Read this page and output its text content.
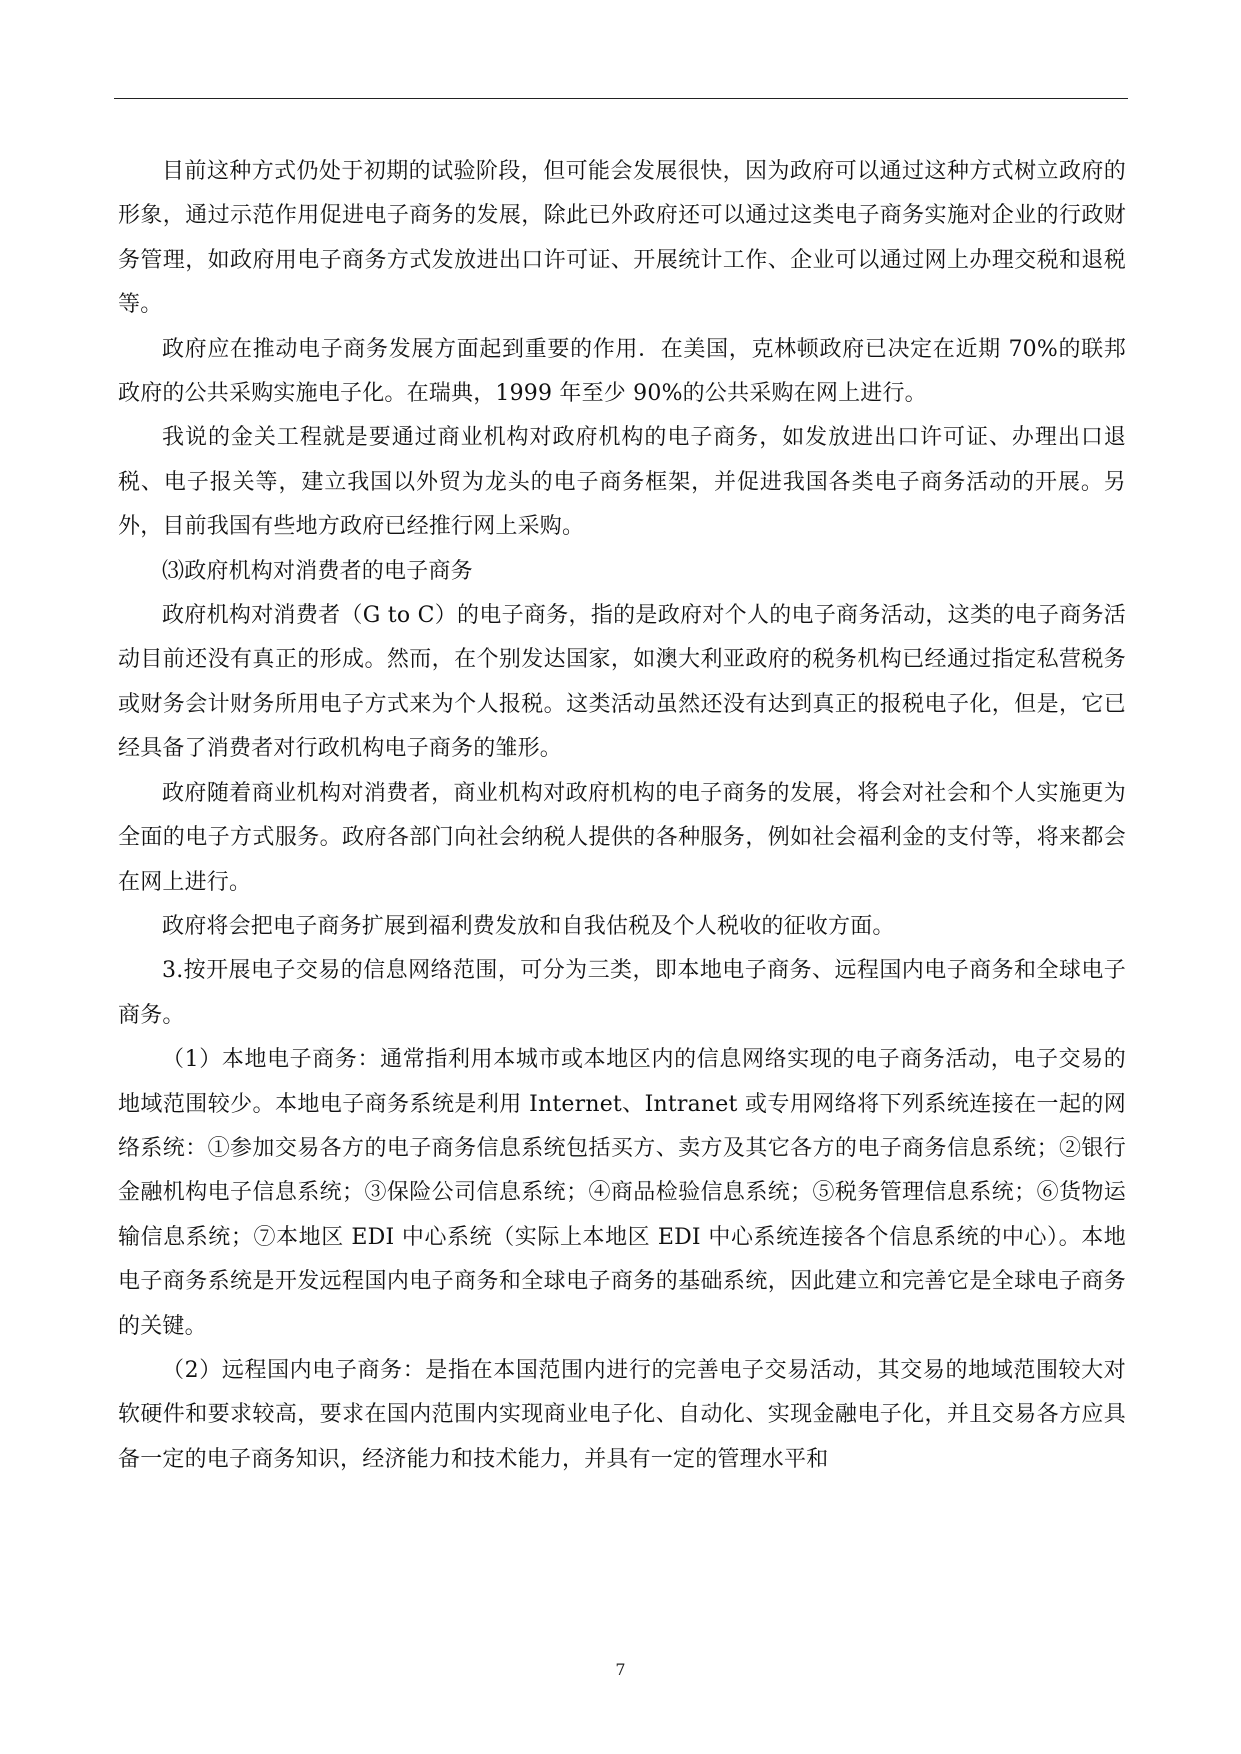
目前这种方式仍处于初期的试验阶段，但可能会发展很快，因为政府可以通过这种方式树立政府的形象，通过示范作用促进电子商务的发展，除此已外政府还可以通过这类电子商务实施对企业的行政财务管理，如政府用电子商务方式发放进出口许可证、开展统计工作、企业可以通过网上办理交税和退税等。

政府应在推动电子商务发展方面起到重要的作用．在美国，克林顿政府已决定在近期 70%的联邦政府的公共采购实施电子化。在瑞典，1999 年至少 90%的公共采购在网上进行。

我说的金关工程就是要通过商业机构对政府机构的电子商务，如发放进出口许可证、办理出口退税、电子报关等，建立我国以外贸为龙头的电子商务框架，并促进我国各类电子商务活动的开展。另外，目前我国有些地方政府已经推行网上采购。

⑶政府机构对消费者的电子商务

政府机构对消费者（G to C）的电子商务，指的是政府对个人的电子商务活动，这类的电子商务活动目前还没有真正的形成。然而，在个别发达国家，如澳大利亚政府的税务机构已经通过指定私营税务或财务会计财务所用电子方式来为个人报税。这类活动虽然还没有达到真正的报税电子化，但是，它已经具备了消费者对行政机构电子商务的雏形。

政府随着商业机构对消费者，商业机构对政府机构的电子商务的发展，将会对社会和个人实施更为全面的电子方式服务。政府各部门向社会纳税人提供的各种服务，例如社会福利金的支付等，将来都会在网上进行。

政府将会把电子商务扩展到福利费发放和自我估税及个人税收的征收方面。

3.按开展电子交易的信息网络范围，可分为三类，即本地电子商务、远程国内电子商务和全球电子商务。

（1）本地电子商务：通常指利用本城市或本地区内的信息网络实现的电子商务活动，电子交易的地域范围较少。本地电子商务系统是利用 Internet、Intranet 或专用网络将下列系统连接在一起的网络系统：①参加交易各方的电子商务信息系统包括买方、卖方及其它各方的电子商务信息系统；②银行金融机构电子信息系统；③保险公司信息系统；④商品检验信息系统；⑤税务管理信息系统；⑥货物运输信息系统；⑦本地区 EDI 中心系统（实际上本地区 EDI 中心系统连接各个信息系统的中心）。本地电子商务系统是开发远程国内电子商务和全球电子商务的基础系统，因此建立和完善它是全球电子商务的关键。

（2）远程国内电子商务：是指在本国范围内进行的完善电子交易活动，其交易的地域范围较大对软硬件和要求较高，要求在国内范围内实现商业电子化、自动化、实现金融电子化，并且交易各方应具备一定的电子商务知识，经济能力和技术能力，并具有一定的管理水平和

7
